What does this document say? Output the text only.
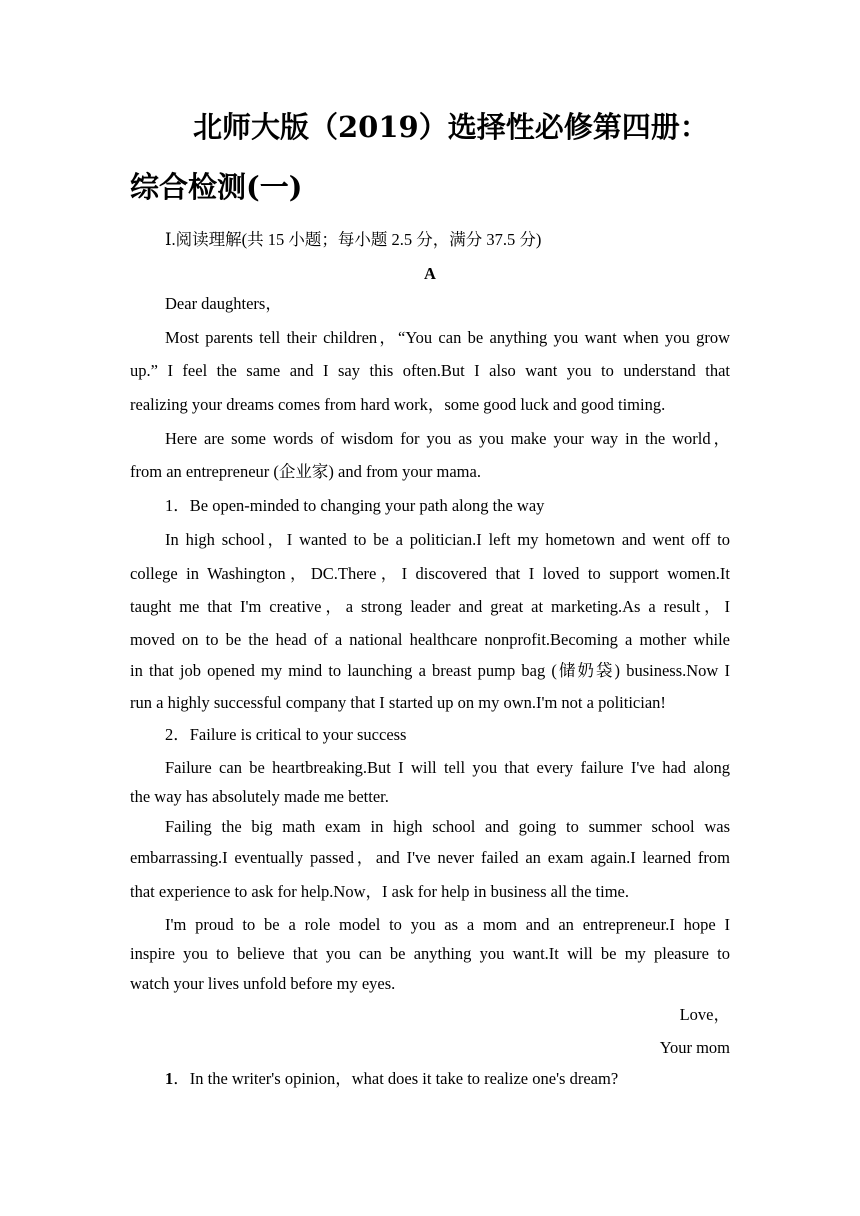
北师大版（2019）选择性必修第四册：
综合检测(一)
Ⅰ.阅读理解(共 15 小题；每小题 2.5 分，满分 37.5 分)
A
Dear daughters，
Most parents tell their children，“You can be anything you want when you grow
up.” I feel the same and I say this often.But I also want you to understand that
realizing your dreams comes from hard work，some good luck and good timing.
Here are some words of wisdom for you as you make your way in the world，
from an entrepreneur (企业家) and from your mama.
1．Be open-minded to changing your path along the way
In high school，I wanted to be a politician.I left my hometown and went off to
college in Washington，DC.There，I discovered that I loved to support women.It
taught me that I'm creative，a strong leader and great at marketing.As a result，I
moved on to be the head of a national healthcare nonprofit.Becoming a mother while
in that job opened my mind to launching a breast pump bag (储奶袋) business.Now I
run a highly successful company that I started up on my own.I'm not a politician!
2．Failure is critical to your success
Failure can be heartbreaking.But I will tell you that every failure I've had along
the way has absolutely made me better.
Failing the big math exam in high school and going to summer school was
embarrassing.I eventually passed，and I've never failed an exam again.I learned from
that experience to ask for help.Now，I ask for help in business all the time.
I'm proud to be a role model to you as a mom and an entrepreneur.I hope I
inspire you to believe that you can be anything you want.It will be my pleasure to
watch your lives unfold before my eyes.
Love，
Your mom
1．In the writer's opinion，what does it take to realize one's dream?
